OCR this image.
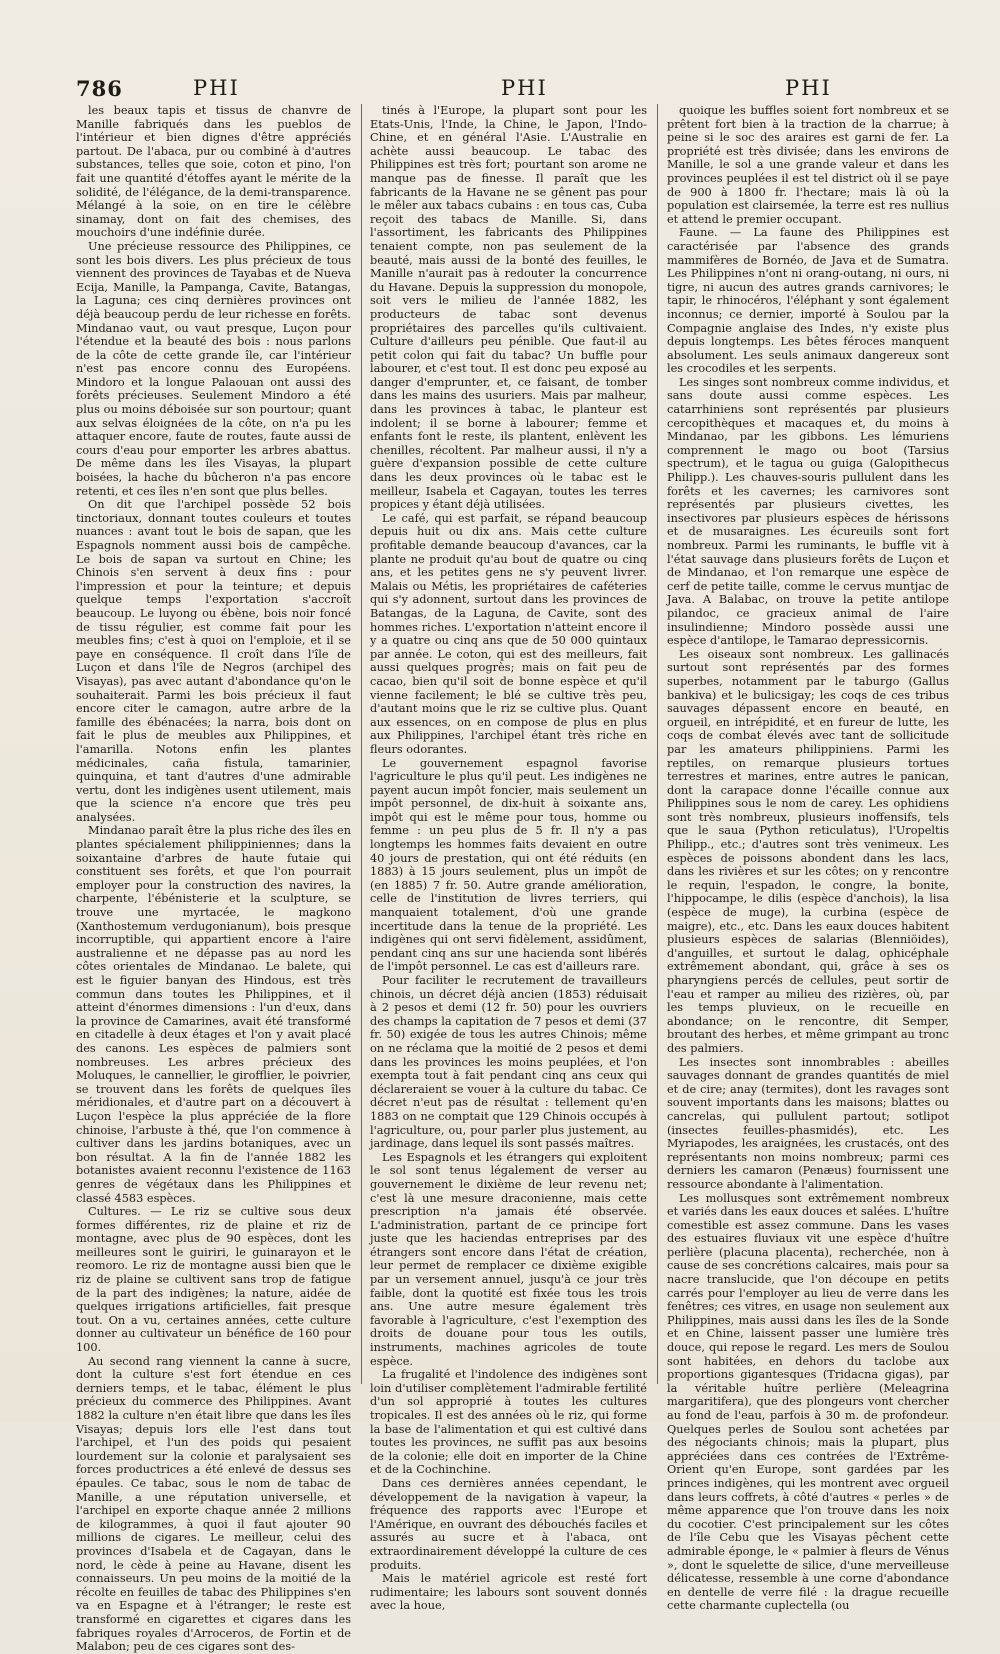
786	PHI	PHI	PHI

les beaux tapis et tissus de chanvre de Manille fabriqués dans les pueblos de l'intérieur et bien dignes d'être appréciés partout. De l'abaca, pur ou combiné à d'autres substances, telles que soie, coton et pino, l'on fait une quantité d'étoffes ayant le mérite de la solidité, de l'élégance, de la demi-transparence. Mélangé à la soie, on en tire le célèbre sinamay, dont on fait des chemises, des mouchoirs d'une indéfinie durée.

Une précieuse ressource des Philippines, ce sont les bois divers. Les plus précieux de tous viennent des provinces de Tayabas et de Nueva Ecija, Manille, la Pampanga, Cavite, Batangas, la Laguna; ces cinq dernières provinces ont déjà beaucoup perdu de leur richesse en forêts. Mindanao vaut, ou vaut presque, Luçon pour l'étendue et la beauté des bois : nous parlons de la côte de cette grande île, car l'intérieur n'est pas encore connu des Européens. Mindoro et la longue Palaouan ont aussi des forêts précieuses. Seulement Mindoro a été plus ou moins déboisée sur son pourtour; quant aux selvas éloignées de la côte, on n'a pu les attaquer encore, faute de routes, faute aussi de cours d'eau pour emporter les arbres abattus. De même dans les îles Visayas, la plupart boisées, la hache du bûcheron n'a pas encore retenti, et ces îles n'en sont que plus belles.

On dit que l'archipel possède 52 bois tinctoriaux, donnant toutes couleurs et toutes nuances : avant tout le bois de sapan, que les Espagnols nomment aussi bois de campêche. Le bois de sapan va surtout en Chine; les Chinois s'en servent à deux fins : pour l'impression et pour la teinture; et depuis quelque temps l'exportation s'accroît beaucoup. Le luyong ou ébène, bois noir foncé de tissu régulier, est comme fait pour les meubles fins; c'est à quoi on l'emploie, et il se paye en conséquence. Il croît dans l'île de Luçon et dans l'île de Negros (archipel des Visayas), pas avec autant d'abondance qu'on le souhaiterait. Parmi les bois précieux il faut encore citer le camagon, autre arbre de la famille des ébénacées; la narra, bois dont on fait le plus de meubles aux Philippines, et l'amarilla. Notons enfin les plantes médicinales, caña fistula, tamarinier, quinquina, et tant d'autres d'une admirable vertu, dont les indigènes usent utilement, mais que la science n'a encore que très peu analysées.

Mindanao paraît être la plus riche des îles en plantes spécialement philippiniennes; dans la soixantaine d'arbres de haute futaie qui constituent ses forêts, et que l'on pourrait employer pour la construction des navires, la charpente, l'ébénisterie et la sculpture, se trouve une myrtacée, le magkono (Xanthostemum verdugonianum), bois presque incorruptible, qui appartient encore à l'aire australienne et ne dépasse pas au nord les côtes orientales de Mindanao. Le balete, qui est le figuier banyan des Hindous, est très commun dans toutes les Philippines, et il atteint d'énormes dimensions : l'un d'eux, dans la province de Camarines, avait été transformé en citadelle à deux étages et l'on y avait placé des canons. Les espèces de palmiers sont nombreuses. Les arbres précieux des Moluques, le cannellier, le girofflier, le poivrier, se trouvent dans les forêts de quelques îles méridionales, et d'autre part on a découvert à Luçon l'espèce la plus appréciée de la flore chinoise, l'arbuste à thé, que l'on commence à cultiver dans les jardins botaniques, avec un bon résultat. A la fin de l'année 1882 les botanistes avaient reconnu l'existence de 1163 genres de végétaux dans les Philippines et classé 4583 espèces.

Cultures. — Le riz se cultive sous deux formes différentes, riz de plaine et riz de montagne, avec plus de 90 espèces, dont les meilleures sont le guiriri, le guinarayon et le reomoro. Le riz de montagne aussi bien que le riz de plaine se cultivent sans trop de fatigue de la part des indigènes; la nature, aidée de quelques irrigations artificielles, fait presque tout. On a vu, certaines années, cette culture donner au cultivateur un bénéfice de 160 pour 100.

Au second rang viennent la canne à sucre, dont la culture s'est fort étendue en ces derniers temps, et le tabac, élément le plus précieux du commerce des Philippines. Avant 1882 la culture n'en était libre que dans les îles Visayas; depuis lors elle l'est dans tout l'archipel, et l'un des poids qui pesaient lourdement sur la colonie et paralysaient ses forces productrices a été enlevé de dessus ses épaules. Ce tabac, sous le nom de tabac de Manille, a une réputation universelle, et l'archipel en exporte chaque année 2 millions de kilogrammes, à quoi il faut ajouter 90 millions de cigares. Le meilleur, celui des provinces d'Isabela et de Cagayan, dans le nord, le cède à peine au Havane, disent les connaisseurs. Un peu moins de la moitié de la récolte en feuilles de tabac des Philippines s'en va en Espagne et à l'étranger; le reste est transformé en cigarettes et cigares dans les fabriques royales d'Arroceros, de Fortin et de Malabon; peu de ces cigares sont des-

tinés à l'Europe, la plupart sont pour les Etats-Unis, l'Inde, la Chine, le Japon, l'Indo-Chine, et en général l'Asie. L'Australie en achète aussi beaucoup. Le tabac des Philippines est très fort; pourtant son arome ne manque pas de finesse. Il paraît que les fabricants de la Havane ne se gênent pas pour le mêler aux tabacs cubains : en tous cas, Cuba reçoit des tabacs de Manille. Si, dans l'assortiment, les fabricants des Philippines tenaient compte, non pas seulement de la beauté, mais aussi de la bonté des feuilles, le Manille n'aurait pas à redouter la concurrence du Havane. Depuis la suppression du monopole, soit vers le milieu de l'année 1882, les producteurs de tabac sont devenus propriétaires des parcelles qu'ils cultivaient. Culture d'ailleurs peu pénible. Que faut-il au petit colon qui fait du tabac? Un buffle pour labourer, et c'est tout. Il est donc peu exposé au danger d'emprunter, et, ce faisant, de tomber dans les mains des usuriers. Mais par malheur, dans les provinces à tabac, le planteur est indolent; il se borne à labourer; femme et enfants font le reste, ils plantent, enlèvent les chenilles, récoltent. Par malheur aussi, il n'y a guère d'expansion possible de cette culture dans les deux provinces où le tabac est le meilleur, Isabela et Cagayan, toutes les terres propices y étant déjà utilisées.

Le café, qui est parfait, se répand beaucoup depuis huit ou dix ans. Mais cette culture profitable demande beaucoup d'avances, car la plante ne produit qu'au bout de quatre ou cinq ans, et les petites gens ne s'y peuvent livrer. Malais ou Métis, les propriétaires de caféteries qui s'y adonnent, surtout dans les provinces de Batangas, de la Laguna, de Cavite, sont des hommes riches. L'exportation n'atteint encore il y a quatre ou cinq ans que de 50 000 quintaux par année. Le coton, qui est des meilleurs, fait aussi quelques progrès; mais on fait peu de cacao, bien qu'il soit de bonne espèce et qu'il vienne facilement; le blé se cultive très peu, d'autant moins que le riz se cultive plus. Quant aux essences, on en compose de plus en plus aux Philippines, l'archipel étant très riche en fleurs odorantes.

Le gouvernement espagnol favorise l'agriculture le plus qu'il peut. Les indigènes ne payent aucun impôt foncier, mais seulement un impôt personnel, de dix-huit à soixante ans, impôt qui est le même pour tous, homme ou femme : un peu plus de 5 fr. Il n'y a pas longtemps les hommes faits devaient en outre 40 jours de prestation, qui ont été réduits (en 1883) à 15 jours seulement, plus un impôt de (en 1885) 7 fr. 50. Autre grande amélioration, celle de l'institution de livres terriers, qui manquaient totalement, d'où une grande incertitude dans la tenue de la propriété. Les indigènes qui ont servi fidèlement, assidûment, pendant cinq ans sur une hacienda sont libérés de l'impôt personnel. Le cas est d'ailleurs rare.

Pour faciliter le recrutement de travailleurs chinois, un décret déjà ancien (1853) réduisait à 2 pesos et demi (12 fr. 50) pour les ouvriers des champs la capitation de 7 pesos et demi (37 fr. 50) exigée de tous les autres Chinois; même on ne réclama que la moitié de 2 pesos et demi dans les provinces les moins peuplées, et l'on exempta tout à fait pendant cinq ans ceux qui déclareraient se vouer à la culture du tabac. Ce décret n'eut pas de résultat : tellement qu'en 1883 on ne comptait que 129 Chinois occupés à l'agriculture, ou, pour parler plus justement, au jardinage, dans lequel ils sont passés maîtres.

Les Espagnols et les étrangers qui exploitent le sol sont tenus légalement de verser au gouvernement le dixième de leur revenu net; c'est là une mesure draconienne, mais cette prescription n'a jamais été observée. L'administration, partant de ce principe fort juste que les haciendas entreprises par des étrangers sont encore dans l'état de création, leur permet de remplacer ce dixième exigible par un versement annuel, jusqu'à ce jour très faible, dont la quotité est fixée tous les trois ans. Une autre mesure également très favorable à l'agriculture, c'est l'exemption des droits de douane pour tous les outils, instruments, machines agricoles de toute espèce.

La frugalité et l'indolence des indigènes sont loin d'utiliser complètement l'admirable fertilité d'un sol approprié à toutes les cultures tropicales. Il est des années où le riz, qui forme la base de l'alimentation et qui est cultivé dans toutes les provinces, ne suffit pas aux besoins de la colonie; elle doit en importer de la Chine et de la Cochinchine.

Dans ces dernières années cependant, le développement de la navigation à vapeur, la fréquence des rapports avec l'Europe et l'Amérique, en ouvrant des débouchés faciles et assurés au sucre et à l'abaca, ont extraordinairement développé la culture de ces produits.

Mais le matériel agricole est resté fort rudimentaire; les labours sont souvent donnés avec la houe,

quoique les buffles soient fort nombreux et se prêtent fort bien à la traction de la charrue; à peine si le soc des araires est garni de fer. La propriété est très divisée; dans les environs de Manille, le sol a une grande valeur et dans les provinces peuplées il est tel district où il se paye de 900 à 1800 fr. l'hectare; mais là où la population est clairsemée, la terre est res nullius et attend le premier occupant.

Faune. — La faune des Philippines est caractérisée par l'absence des grands mammifères de Bornéo, de Java et de Sumatra. Les Philippines n'ont ni orang-outang, ni ours, ni tigre, ni aucun des autres grands carnivores; le tapir, le rhinocéros, l'éléphant y sont également inconnus; ce dernier, importé à Soulou par la Compagnie anglaise des Indes, n'y existe plus depuis longtemps. Les bêtes féroces manquent absolument. Les seuls animaux dangereux sont les crocodiles et les serpents.

Les singes sont nombreux comme individus, et sans doute aussi comme espèces. Les catarrhiniens sont représentés par plusieurs cercopithèques et macaques et, du moins à Mindanao, par les gibbons. Les lémuriens comprennent le mago ou boot (Tarsius spectrum), et le tagua ou guiga (Galopithecus Philipp.). Les chauves-souris pullulent dans les forêts et les cavernes; les carnivores sont représentés par plusieurs civettes, les insectivores par plusieurs espèces de hérissons et de musaraignes. Les écureuils sont fort nombreux. Parmi les ruminants, le buffle vit à l'état sauvage dans plusieurs forêts de Luçon et de Mindanao, et l'on remarque une espèce de cerf de petite taille, comme le cervus muntjac de Java. A Balabac, on trouve la petite antilope pilandoc, ce gracieux animal de l'aire insulindienne; Mindoro possède aussi une espèce d'antilope, le Tamarao depressicornis.

Les oiseaux sont nombreux. Les gallinacés surtout sont représentés par des formes superbes, notamment par le taburgo (Gallus bankiva) et le bulicsigay; les coqs de ces tribus sauvages dépassent encore en beauté, en orgueil, en intrépidité, et en fureur de lutte, les coqs de combat élevés avec tant de sollicitude par les amateurs philippiniens. Parmi les reptiles, on remarque plusieurs tortues terrestres et marines, entre autres le panican, dont la carapace donne l'écaille connue aux Philippines sous le nom de carey. Les ophidiens sont très nombreux, plusieurs inoffensifs, tels que le saua (Python reticulatus), l'Uropeltis Philipp., etc.; d'autres sont très venimeux. Les espèces de poissons abondent dans les lacs, dans les rivières et sur les côtes; on y rencontre le requin, l'espadon, le congre, la bonite, l'hippocampe, le dilis (espèce d'anchois), la lisa (espèce de muge), la curbina (espèce de maigre), etc., etc. Dans les eaux douces habitent plusieurs espèces de salarias (Blenniöides), d'anguilles, et surtout le dalag, ophicéphale extrêmement abondant, qui, grâce à ses os pharyngiens percés de cellules, peut sortir de l'eau et ramper au milieu des rizières, où, par les temps pluvieux, on le recueille en abondance; on le rencontre, dit Semper, broutant des herbes, et même grimpant au tronc des palmiers.

Les insectes sont innombrables : abeilles sauvages donnant de grandes quantités de miel et de cire; anay (termites), dont les ravages sont souvent importants dans les maisons; blattes ou cancrelas, qui pullulent partout; sotlipot (insectes feuilles-phasmidés), etc. Les Myriapodes, les araignées, les crustacés, ont des représentants non moins nombreux; parmi ces derniers les camaron (Penæus) fournissent une ressource abondante à l'alimentation.

Les mollusques sont extrêmement nombreux et variés dans les eaux douces et salées. L'huître comestible est assez commune. Dans les vases des estuaires fluviaux vit une espèce d'huître perlière (placuna placenta), recherchée, non à cause de ses concrétions calcaires, mais pour sa nacre translucide, que l'on découpe en petits carrés pour l'employer au lieu de verre dans les fenêtres; ces vitres, en usage non seulement aux Philippines, mais aussi dans les îles de la Sonde et en Chine, laissent passer une lumière très douce, qui repose le regard. Les mers de Soulou sont habitées, en dehors du taclobe aux proportions gigantesques (Tridacna gigas), par la véritable huître perlière (Meleagrina margaritifera), que des plongeurs vont chercher au fond de l'eau, parfois à 30 m. de profondeur. Quelques perles de Soulou sont achetées par des négociants chinois; mais la plupart, plus appréciées dans ces contrées de l'Extrême-Orient qu'en Europe, sont gardées par les princes indigènes, qui les montrent avec orgueil dans leurs coffrets, à côté d'autres « perles » de même apparence que l'on trouve dans les noix du cocotier. C'est principalement sur les côtes de l'île Cebu que les Visayas pêchent cette admirable éponge, le « palmier à fleurs de Vénus », dont le squelette de silice, d'une merveilleuse délicatesse, ressemble à une corne d'abondance en dentelle de verre filé : la drague recueille cette charmante cuplectella (ou
